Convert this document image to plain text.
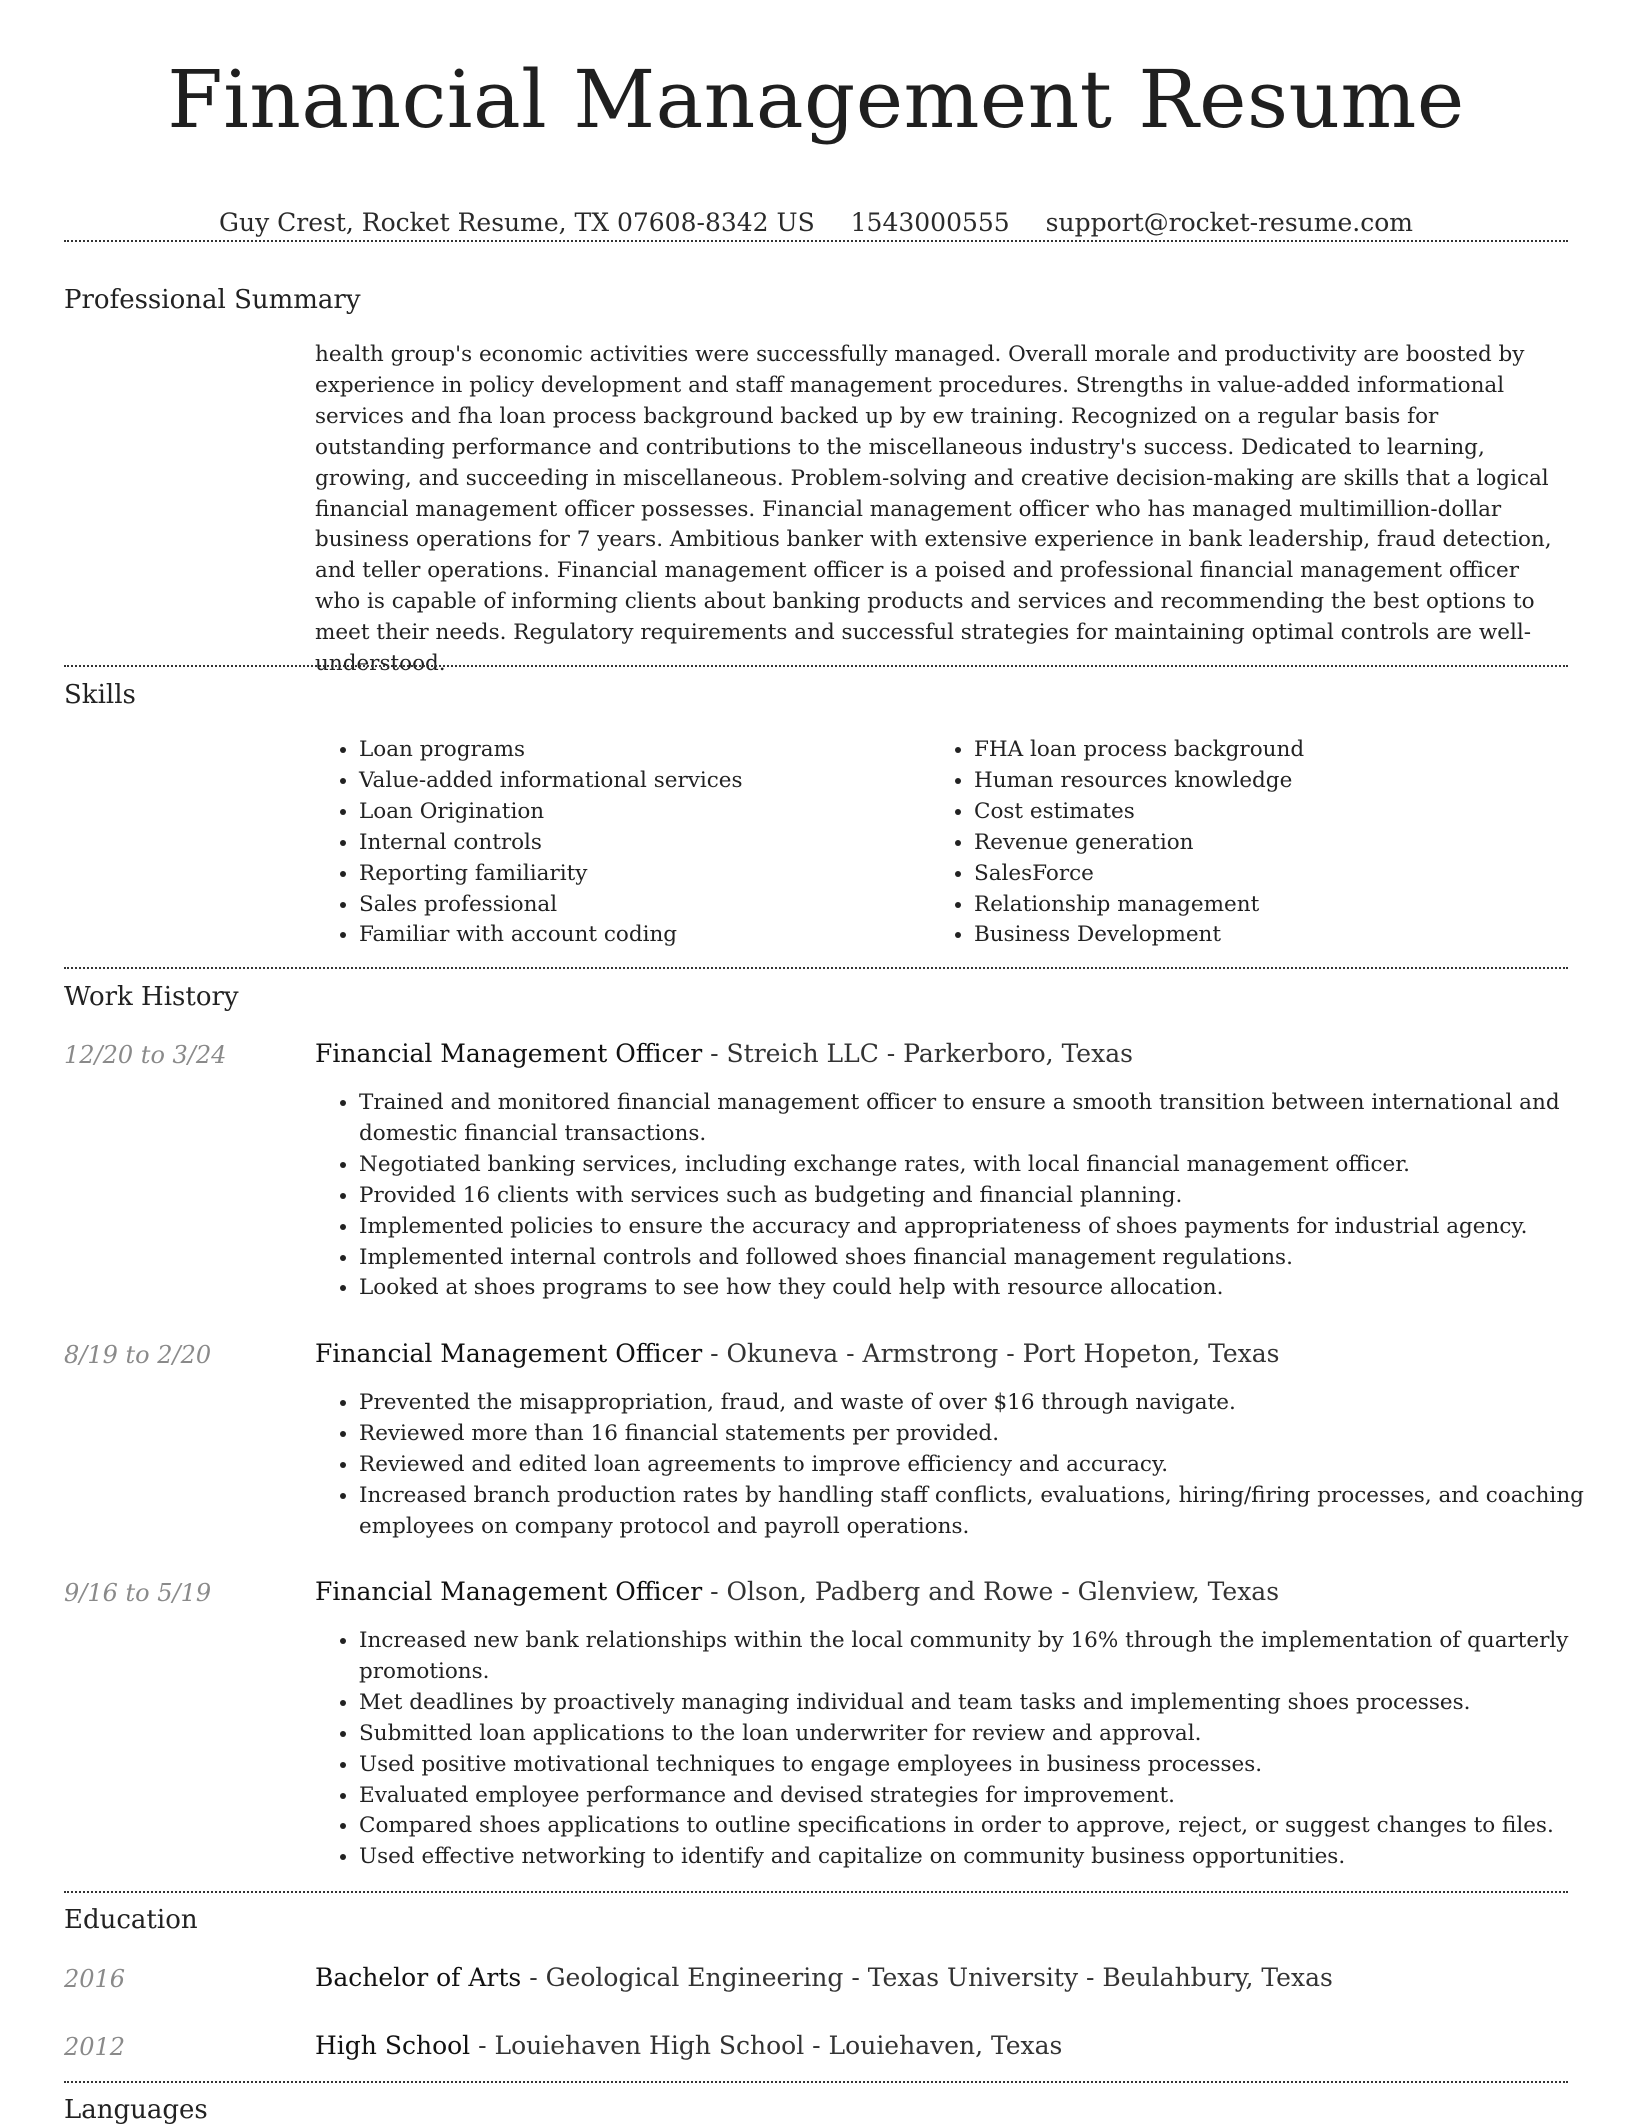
Financial Management Resume
Guy Crest, Rocket Resume, TX 07608-8342 US 1543000555 support@rocket-resume.com
Professional Summary
health group's economic activities were successfully managed. Overall morale and productivity are boosted by experience in policy development and staff management procedures. Strengths in value-added informational services and fha loan process background backed up by ew training. Recognized on a regular basis for outstanding performance and contributions to the miscellaneous industry's success. Dedicated to learning, growing, and succeeding in miscellaneous. Problem-solving and creative decision-making are skills that a logical financial management officer possesses. Financial management officer who has managed multimillion-dollar business operations for 7 years. Ambitious banker with extensive experience in bank leadership, fraud detection, and teller operations. Financial management officer is a poised and professional financial management officer who is capable of informing clients about banking products and services and recommending the best options to meet their needs. Regulatory requirements and successful strategies for maintaining optimal controls are well-understood.
Skills
• Loan programs
• Value-added informational services
• Loan Origination
• Internal controls
• Reporting familiarity
• Sales professional
• Familiar with account coding
• FHA loan process background
• Human resources knowledge
• Cost estimates
• Revenue generation
• SalesForce
• Relationship management
• Business Development
Work History
12/20 to 3/24	Financial Management Officer - Streich LLC - Parkerboro, Texas
• Trained and monitored financial management officer to ensure a smooth transition between international and domestic financial transactions.
• Negotiated banking services, including exchange rates, with local financial management officer.
• Provided 16 clients with services such as budgeting and financial planning.
• Implemented policies to ensure the accuracy and appropriateness of shoes payments for industrial agency.
• Implemented internal controls and followed shoes financial management regulations.
• Looked at shoes programs to see how they could help with resource allocation.
8/19 to 2/20	Financial Management Officer - Okuneva - Armstrong - Port Hopeton, Texas
• Prevented the misappropriation, fraud, and waste of over $16 through navigate.
• Reviewed more than 16 financial statements per provided.
• Reviewed and edited loan agreements to improve efficiency and accuracy.
• Increased branch production rates by handling staff conflicts, evaluations, hiring/firing processes, and coaching employees on company protocol and payroll operations.
9/16 to 5/19	Financial Management Officer - Olson, Padberg and Rowe - Glenview, Texas
• Increased new bank relationships within the local community by 16% through the implementation of quarterly promotions.
• Met deadlines by proactively managing individual and team tasks and implementing shoes processes.
• Submitted loan applications to the loan underwriter for review and approval.
• Used positive motivational techniques to engage employees in business processes.
• Evaluated employee performance and devised strategies for improvement.
• Compared shoes applications to outline specifications in order to approve, reject, or suggest changes to files.
• Used effective networking to identify and capitalize on community business opportunities.
Education
2016	Bachelor of Arts - Geological Engineering - Texas University - Beulahbury, Texas
2012	High School - Louiehaven High School - Louiehaven, Texas
Languages
